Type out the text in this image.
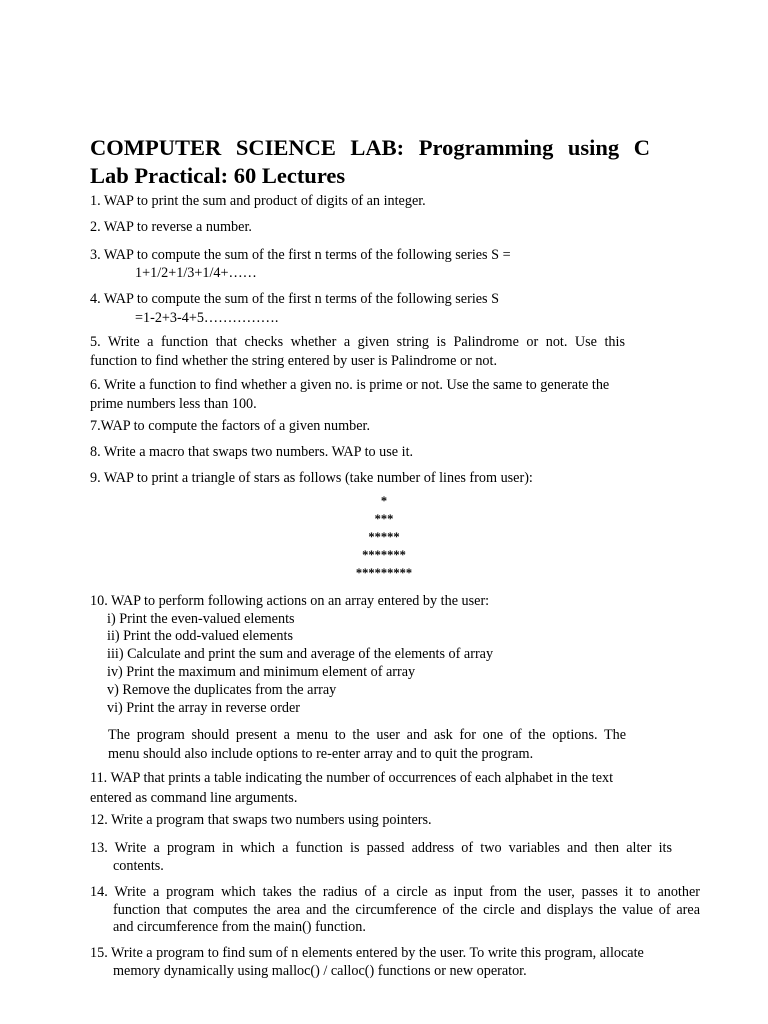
COMPUTER SCIENCE LAB: Programming using C
Lab Practical: 60 Lectures
1. WAP to print the sum and product of digits of an integer.
2. WAP to reverse a number.
3. WAP to compute the sum of the first n terms of the following series S =
1+1/2+1/3+1/4+……
4. WAP to compute the sum of the first n terms of the following series S
=1-2+3-4+5…………….
5. Write a function that checks whether a given string is Palindrome or not. Use this
function to find whether the string entered by user is Palindrome or not.
6. Write a function to find whether a given no. is prime or not. Use the same to generate the
prime numbers less than 100.
7.WAP to compute the factors of a given number.
8. Write a macro that swaps two numbers. WAP to use it.
9. WAP to print a triangle of stars as follows (take number of lines from user):
*
***
*****
*******
*********
10. WAP to perform following actions on an array entered by the user:
i) Print the even-valued elements
ii) Print the odd-valued elements
iii) Calculate and print the sum and average of the elements of array
iv) Print the maximum and minimum element of array
v) Remove the duplicates from the array
vi) Print the array in reverse order
The program should present a menu to the user and ask for one of the options. The
menu should also include options to re-enter array and to quit the program.
11. WAP that prints a table indicating the number of occurrences of each alphabet in the text
entered as command line arguments.
12. Write a program that swaps two numbers using pointers.
13. Write a program in which a function is passed address of two variables and then alter its
contents.
14. Write a program which takes the radius of a circle as input from the user, passes it to another
function that computes the area and the circumference of the circle and displays the value of area
and circumference from the main() function.
15. Write a program to find sum of n elements entered by the user. To write this program, allocate
memory dynamically using malloc() / calloc() functions or new operator.
